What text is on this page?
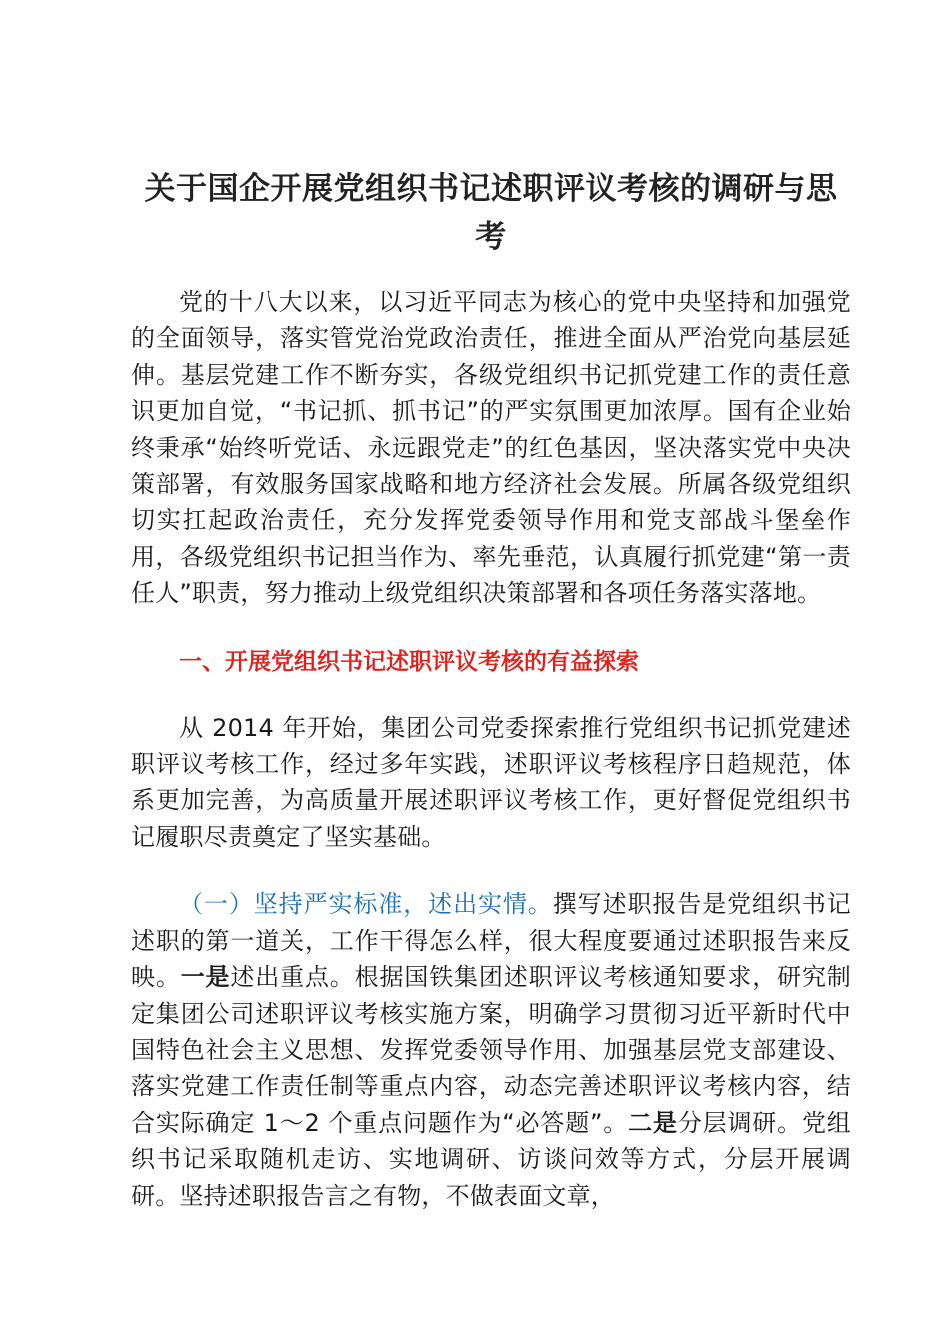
关于国企开展党组织书记述职评议考核的调研与思考

党的十八大以来，以习近平同志为核心的党中央坚持和加强党的全面领导，落实管党治党政治责任，推进全面从严治党向基层延伸。基层党建工作不断夯实，各级党组织书记抓党建工作的责任意识更加自觉，“书记抓、抓书记”的严实氛围更加浓厚。国有企业始终秉承“始终听党话、永远跟党走”的红色基因，坚决落实党中央决策部署，有效服务国家战略和地方经济社会发展。所属各级党组织切实扛起政治责任，充分发挥党委领导作用和党支部战斗堡垒作用，各级党组织书记担当作为、率先垂范，认真履行抓党建“第一责任人”职责，努力推动上级党组织决策部署和各项任务落实落地。

一、开展党组织书记述职评议考核的有益探索

从 2014 年开始，集团公司党委探索推行党组织书记抓党建述职评议考核工作，经过多年实践，述职评议考核程序日趋规范，体系更加完善，为高质量开展述职评议考核工作，更好督促党组织书记履职尽责奠定了坚实基础。

（一）坚持严实标准，述出实情。撰写述职报告是党组织书记述职的第一道关，工作干得怎么样，很大程度要通过述职报告来反映。一是述出重点。根据国铁集团述职评议考核通知要求，研究制定集团公司述职评议考核实施方案，明确学习贯彻习近平新时代中国特色社会主义思想、发挥党委领导作用、加强基层党支部建设、落实党建工作责任制等重点内容，动态完善述职评议考核内容，结合实际确定 1～2 个重点问题作为“必答题”。二是分层调研。党组织书记采取随机走访、实地调研、访谈问效等方式，分层开展调研。坚持述职报告言之有物，不做表面文章，
